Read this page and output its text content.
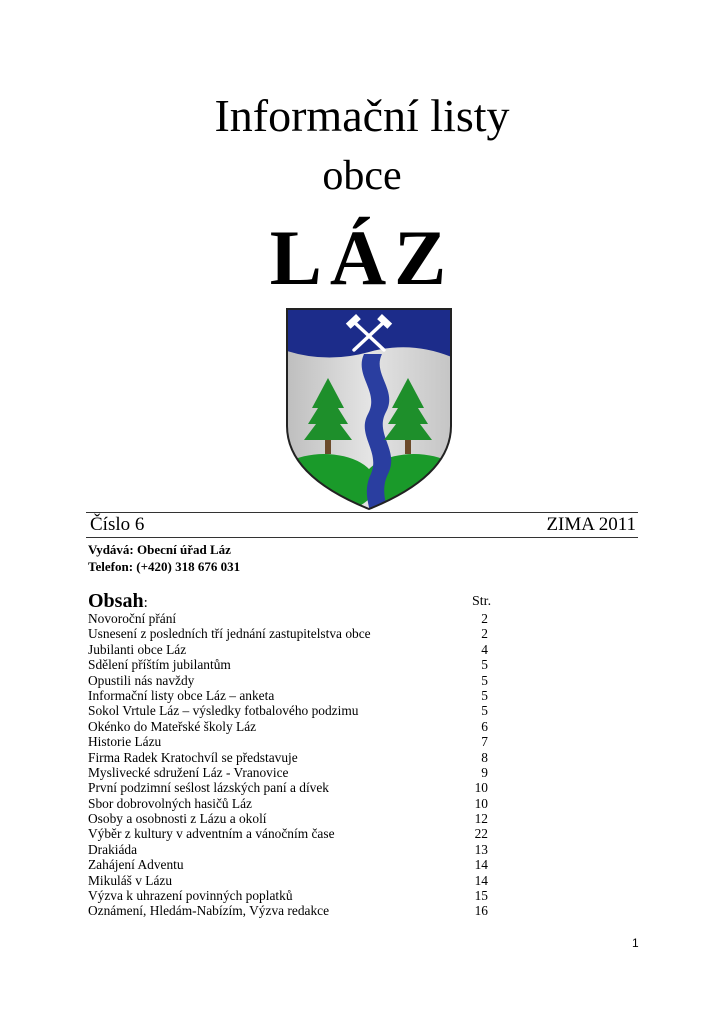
Informační listy
obce
LÁZ
Číslo 6	ZIMA 2011
Vydává: Obecní úřad Láz
Telefon: (+420) 318 676 031
Obsah:	Str.
Novoroční přání	2
Usnesení z posledních tří jednání zastupitelstva obce	2
Jubilanti obce Láz	4
Sdělení příštím jubilantům	5
Opustili nás navždy	5
Informační listy obce Láz – anketa	5
Sokol Vrtule Láz – výsledky fotbalového podzimu	5
Okénko do Mateřské školy Láz	6
Historie Lázu	7
Firma Radek Kratochvíl se představuje	8
Myslivecké sdružení Láz - Vranovice	9
První podzimní seślost lázských paní a dívek	10
Sbor dobrovolných hasičů Láz	10
Osoby a osobnosti z Lázu a okolí	12
Výběr z kultury v adventním a vánočním čase	22
Drakiáda	13
Zahájení Adventu	14
Mikuláš v Lázu	14
Výzva k uhrazení povinných poplatků	15
Oznámení, Hledám-Nabízím, Výzva redakce	16
1
